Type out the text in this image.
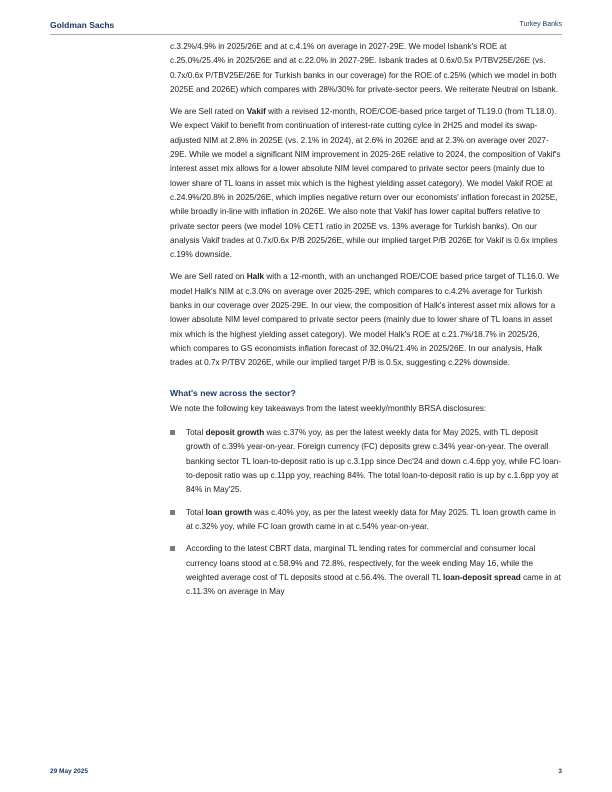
Goldman Sachs	Turkey Banks

c.3.2%/4.9% in 2025/26E and at c.4.1% on average in 2027-29E. We model Isbank's ROE at c.25.0%/25.4% in 2025/26E and at c.22.0% in 2027-29E. Isbank trades at 0.6x/0.5x P/TBV25E/26E (vs. 0.7x/0.6x P/TBV25E/26E for Turkish banks in our coverage) for the ROE of c.25% (which we model in both 2025E and 2026E) which compares with 28%/30% for private-sector peers. We reiterate Neutral on Isbank.

We are Sell rated on Vakif with a revised 12-month, ROE/COE-based price target of TL19.0 (from TL18.0). We expect Vakif to benefit from continuation of interest-rate cutting cylce in 2H25 and model its swap-adjusted NIM at 2.8% in 2025E (vs. 2.1% in 2024), at 2.6% in 2026E and at 2.3% on average over 2027-29E. While we model a significant NIM improvement in 2025-26E relative to 2024, the composition of Vakif's interest asset mix allows for a lower absolute NIM level compared to private sector peers (mainly due to lower share of TL loans in asset mix which is the highest yielding asset category). We model Vakif ROE at c.24.9%/20.8% in 2025/26E, which implies negative return over our economists' inflation forecast in 2025E, while broadly in-line with inflation in 2026E. We also note that Vakif has lower capital buffers relative to private sector peers (we model 10% CET1 ratio in 2025E vs. 13% average for Turkish banks). On our analysis Vakif trades at 0.7x/0.6x P/B 2025/26E, while our implied target P/B 2026E for Vakif is 0.6x implies c.19% downside.

We are Sell rated on Halk with a 12-month, with an unchanged ROE/COE based price target of TL16.0. We model Halk's NIM at c.3.0% on average over 2025-29E, which compares to c.4.2% average for Turkish banks in our coverage over 2025-29E. In our view, the composition of Halk's interest asset mix allows for a lower absolute NIM level compared to private sector peers (mainly due to lower share of TL loans in asset mix which is the highest yielding asset category). We model Halk's ROE at c.21.7%/18.7% in 2025/26, which compares to GS economists inflation forecast of 32.0%/21.4% in 2025/26E. In our analysis, Halk trades at 0.7x P/TBV 2026E, while our implied target P/B is 0.5x, suggesting c.22% downside.

What's new across the sector?
We note the following key takeaways from the latest weekly/monthly BRSA disclosures:
Total deposit growth was c.37% yoy, as per the latest weekly data for May 2025, with TL deposit growth of c.39% year-on-year. Foreign currency (FC) deposits grew c.34% year-on-year. The overall banking sector TL loan-to-deposit ratio is up c.3.1pp since Dec'24 and down c.4.6pp yoy, while FC loan-to-deposit ratio was up c.11pp yoy, reaching 84%. The total loan-to-deposit ratio is up by c.1.6pp yoy at 84% in May'25.
Total loan growth was c.40% yoy, as per the latest weekly data for May 2025. TL loan growth came in at c.32% yoy, while FC loan growth came in at c.54% year-on-year.
According to the latest CBRT data, marginal TL lending rates for commercial and consumer local currency loans stood at c.58.9% and 72.8%, respectively, for the week ending May 16, while the weighted average cost of TL deposits stood at c.56.4%. The overall TL loan-deposit spread came in at c.11.3% on average in May
29 May 2025	3
